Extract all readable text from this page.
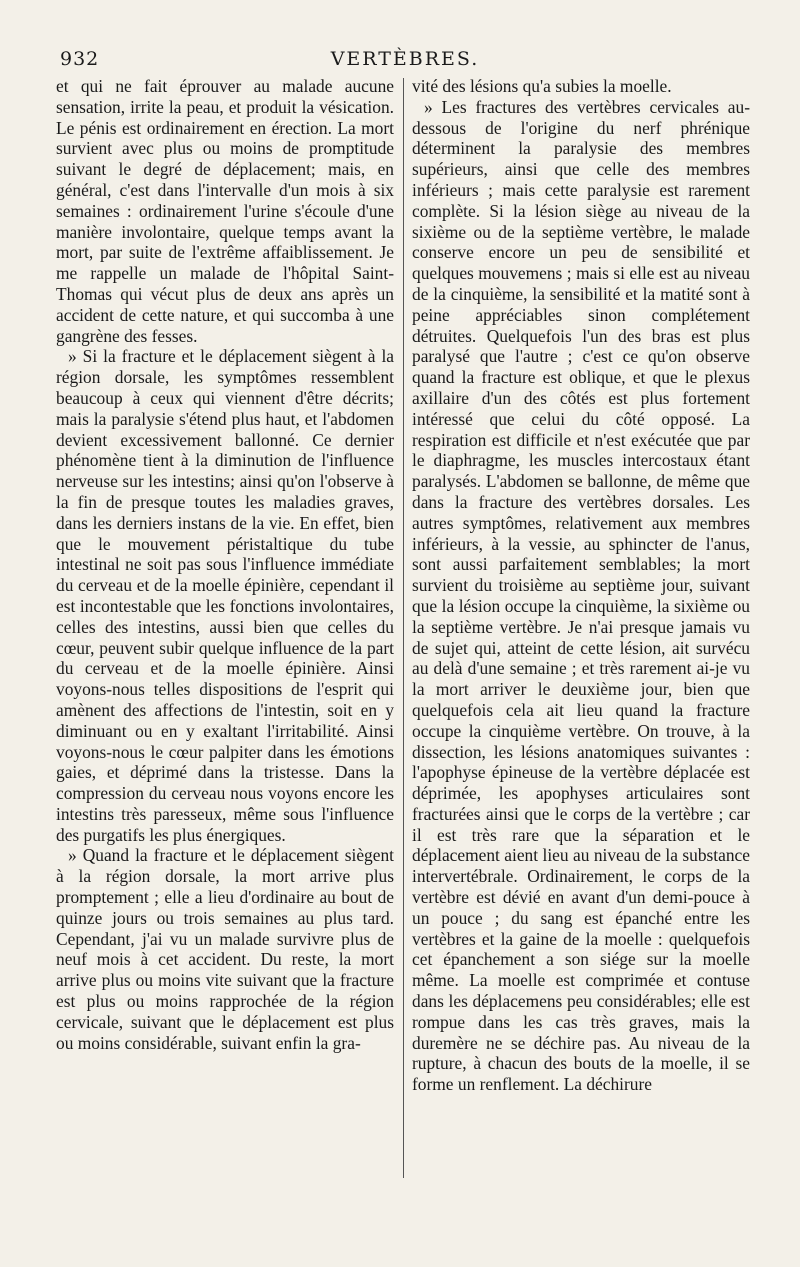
932	VERTÈBRES.

et qui ne fait éprouver au malade aucune sensation, irrite la peau, et produit la vésication. Le pénis est ordinairement en érection. La mort survient avec plus ou moins de promptitude suivant le degré de déplacement; mais, en général, c'est dans l'intervalle d'un mois à six semaines : ordinairement l'urine s'écoule d'une manière involontaire, quelque temps avant la mort, par suite de l'extrême affaiblissement. Je me rappelle un malade de l'hôpital Saint-Thomas qui vécut plus de deux ans après un accident de cette nature, et qui succomba à une gangrène des fesses.

» Si la fracture et le déplacement siègent à la région dorsale, les symptômes ressemblent beaucoup à ceux qui viennent d'être décrits; mais la paralysie s'étend plus haut, et l'abdomen devient excessivement ballonné. Ce dernier phénomène tient à la diminution de l'influence nerveuse sur les intestins; ainsi qu'on l'observe à la fin de presque toutes les maladies graves, dans les derniers instans de la vie. En effet, bien que le mouvement péristaltique du tube intestinal ne soit pas sous l'influence immédiate du cerveau et de la moelle épinière, cependant il est incontestable que les fonctions involontaires, celles des intestins, aussi bien que celles du cœur, peuvent subir quelque influence de la part du cerveau et de la moelle épinière. Ainsi voyons-nous telles dispositions de l'esprit qui amènent des affections de l'intestin, soit en y diminuant ou en y exaltant l'irritabilité. Ainsi voyons-nous le cœur palpiter dans les émotions gaies, et déprimé dans la tristesse. Dans la compression du cerveau nous voyons encore les intestins très paresseux, même sous l'influence des purgatifs les plus énergiques.

» Quand la fracture et le déplacement siègent à la région dorsale, la mort arrive plus promptement ; elle a lieu d'ordinaire au bout de quinze jours ou trois semaines au plus tard. Cependant, j'ai vu un malade survivre plus de neuf mois à cet accident. Du reste, la mort arrive plus ou moins vite suivant que la fracture est plus ou moins rapprochée de la région cervicale, suivant que le déplacement est plus ou moins considérable, suivant enfin la gra-

vité des lésions qu'a subies la moelle.

» Les fractures des vertèbres cervicales au-dessous de l'origine du nerf phrénique déterminent la paralysie des membres supérieurs, ainsi que celle des membres inférieurs ; mais cette paralysie est rarement complète. Si la lésion siège au niveau de la sixième ou de la septième vertèbre, le malade conserve encore un peu de sensibilité et quelques mouvemens ; mais si elle est au niveau de la cinquième, la sensibilité et la matité sont à peine appréciables sinon complétement détruites. Quelquefois l'un des bras est plus paralysé que l'autre ; c'est ce qu'on observe quand la fracture est oblique, et que le plexus axillaire d'un des côtés est plus fortement intéressé que celui du côté opposé. La respiration est difficile et n'est exécutée que par le diaphragme, les muscles intercostaux étant paralysés. L'abdomen se ballonne, de même que dans la fracture des vertèbres dorsales. Les autres symptômes, relativement aux membres inférieurs, à la vessie, au sphincter de l'anus, sont aussi parfaitement semblables; la mort survient du troisième au septième jour, suivant que la lésion occupe la cinquième, la sixième ou la septième vertèbre. Je n'ai presque jamais vu de sujet qui, atteint de cette lésion, ait survécu au delà d'une semaine ; et très rarement ai-je vu la mort arriver le deuxième jour, bien que quelquefois cela ait lieu quand la fracture occupe la cinquième vertèbre. On trouve, à la dissection, les lésions anatomiques suivantes : l'apophyse épineuse de la vertèbre déplacée est déprimée, les apophyses articulaires sont fracturées ainsi que le corps de la vertèbre ; car il est très rare que la séparation et le déplacement aient lieu au niveau de la substance intervertébrale. Ordinairement, le corps de la vertèbre est dévié en avant d'un demi-pouce à un pouce ; du sang est épanché entre les vertèbres et la gaine de la moelle : quelquefois cet épanchement a son siége sur la moelle même. La moelle est comprimée et contuse dans les déplacemens peu considérables; elle est rompue dans les cas très graves, mais la duremère ne se déchire pas. Au niveau de la rupture, à chacun des bouts de la moelle, il se forme un renflement. La déchirure
